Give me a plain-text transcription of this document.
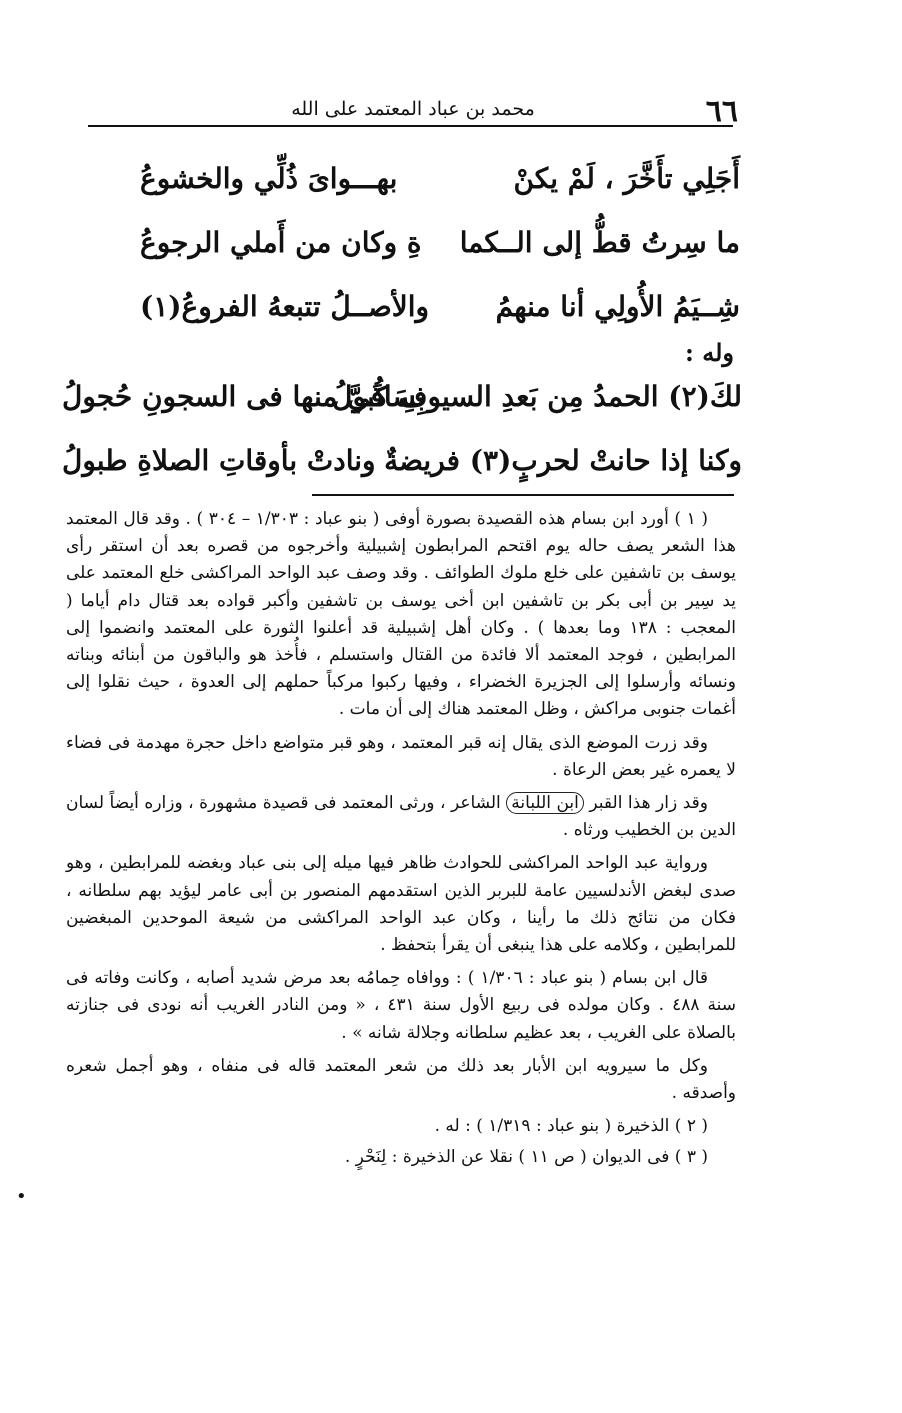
٦٦
محمد بن عباد المعتمد على الله
أَجَلِي تأَخَّرَ ، لَمْ يكنْ
بهـــواىَ ذُلِّي والخشوعُ
ما سِرتُ قطُّ إلى الــكما
ةِ وكان من أَملي الرجوعُ
شِــيَمُ الأُولِي أنا منهمُ
والأصــلُ تتبعهُ الفروعُ(١)
وله :
لكَ(٢) الحمدُ مِن بَعدِ السيوفِ كُبولُ
بِسَاقَيَّ منها فى السجونِ حُجولُ
وكنا إذا حانتْ لحربٍ(٣) فريضةٌ
ونادتْ بأوقاتِ الصلاةِ طبولُ

( ١ ) أورد ابن بسام هذه القصيدة بصورة أوفى ( بنو عباد : ١/٣٠٣ – ٣٠٤ ) . وقد قال المعتمد هذا الشعر يصف حاله يوم اقتحم المرابطون إشبيلية وأخرجوه من قصره بعد أن استقر رأى يوسف بن تاشفين على خلع ملوك الطوائف . وقد وصف عبد الواحد المراكشى خلع المعتمد على يد سِير بن أبى بكر بن تاشفين ابن أخى يوسف بن تاشفين وأكبر قواده بعد قتال دام أياما ( المعجب : ١٣٨ وما بعدها ) . وكان أهل إشبيلية قد أعلنوا الثورة على المعتمد وانضموا إلى المرابطين ، فوجد المعتمد ألا فائدة من القتال واستسلم ، فأُخذ هو والباقون من أبنائه وبناته ونسائه وأرسلوا إلى الجزيرة الخضراء ، وفيها ركبوا مركباً حملهم إلى العدوة ، حيث نقلوا إلى أغمات جنوبى مراكش ، وظل المعتمد هناك إلى أن مات .

وقد زرت الموضع الذى يقال إنه قبر المعتمد ، وهو قبر متواضع داخل حجرة مهدمة فى فضاء لا يعمره غير بعض الرعاة .

وقد زار هذا القبر ابن اللبانة الشاعر ، ورثى المعتمد فى قصيدة مشهورة ، وزاره أيضاً لسان الدين بن الخطيب ورثاه .

ورواية عبد الواحد المراكشى للحوادث ظاهر فيها ميله إلى بنى عباد وبغضه للمرابطين ، وهو صدى لبغض الأندلسيين عامة للبربر الذين استقدمهم المنصور بن أبى عامر ليؤيد بهم سلطانه ، فكان من نتائج ذلك ما رأينا ، وكان عبد الواحد المراكشى من شيعة الموحدين المبغضين للمرابطين ، وكلامه على هذا ينبغى أن يقرأ بتحفظ .

قال ابن بسام ( بنو عباد : ١/٣٠٦ ) : ووافاه حِمامُه بعد مرض شديد أصابه ، وكانت وفاته فى سنة ٤٨٨ . وكان مولده فى ربيع الأول سنة ٤٣١ ، « ومن النادر الغريب أنه نودى فى جنازته بالصلاة على الغريب ، بعد عظيم سلطانه وجلالة شانه » .

وكل ما سيرويه ابن الأبار بعد ذلك من شعر المعتمد قاله فى منفاه ، وهو أجمل شعره وأصدقه .

( ٢ ) الذخيرة ( بنو عباد : ١/٣١٩ ) : له .

( ٣ ) فى الديوان ( ص ١١ ) نقلا عن الذخيرة : لِنَحْرٍ .

•
